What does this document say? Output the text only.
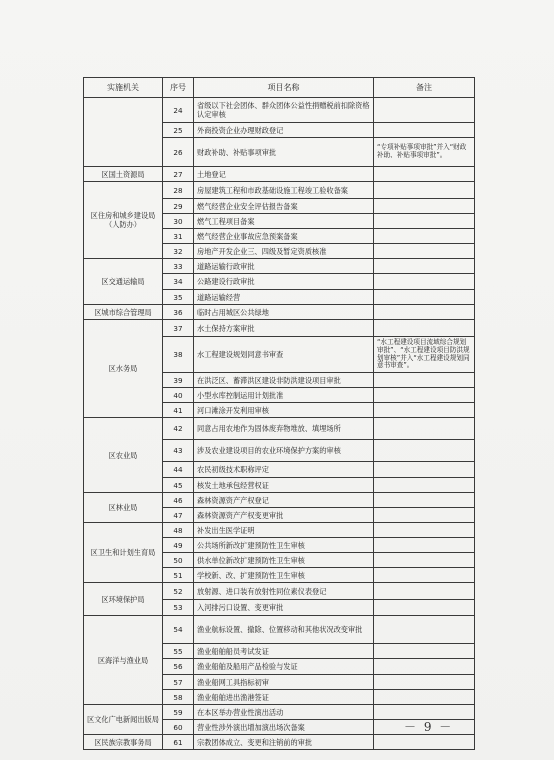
实施机关	序号	项目名称	备注
	24	省级以下社会团体、群众团体公益性捐赠税前扣除资格认定审核	
	25	外商投资企业办理财政登记	
	26	财政补助、补贴事项审批	“专项补贴事项审批”并入“财政补助、补贴事项审批”。
区国土资源局	27	土地登记	
区住房和城乡建设局（人防办）	28	房屋建筑工程和市政基础设施工程竣工验收备案	
	29	燃气经营企业安全评估报告备案	
	30	燃气工程项目备案	
	31	燃气经营企业事故应急预案备案	
	32	房地产开发企业三、四级及暂定资质核准	
区交通运输局	33	道路运输行政审批	
	34	公路建设行政审批	
	35	道路运输经营	
区城市综合管理局	36	临时占用城区公共绿地	
区水务局	37	水土保持方案审批	
	38	水工程建设规划同意书审查	“水工程建设项目流域综合规划审批”、“水工程建设项目防洪规划审核”并入“水工程建设规划同意书审查”。
	39	在洪泛区、蓄滞洪区建设非防洪建设项目审批	
	40	小型水库控制运用计划批准	
	41	河口滩涂开发利用审核	
区农业局	42	同意占用农地作为固体废弃物堆放、填埋场所	
	43	涉及农业建设项目的农业环境保护方案的审核	
	44	农民初级技术职称评定	
	45	核发土地承包经营权证	
区林业局	46	森林资源资产产权登记	
	47	森林资源资产产权变更审批	
区卫生和计划生育局	48	补发出生医学证明	
	49	公共场所新改扩建预防性卫生审核	
	50	供水单位新改扩建预防性卫生审核	
	51	学校新、改、扩建预防性卫生审核	
区环境保护局	52	放射源、进口装有放射性同位素仪表登记	
	53	入河排污口设置、变更审批	
区海洋与渔业局	54	渔业航标设置、撤除、位置移动和其他状况改变审批	
	55	渔业船舶船员考试发证	
	56	渔业船舶及船用产品检验与发证	
	57	渔业船网工具指标初审	
	58	渔业船舶进出渔港签证	
区文化广电新闻出版局	59	在本区举办营业性演出活动	
	60	营业性涉外演出增加演出场次备案	
区民族宗教事务局	61	宗教团体成立、变更和注销前的审批	
－ 9 －
